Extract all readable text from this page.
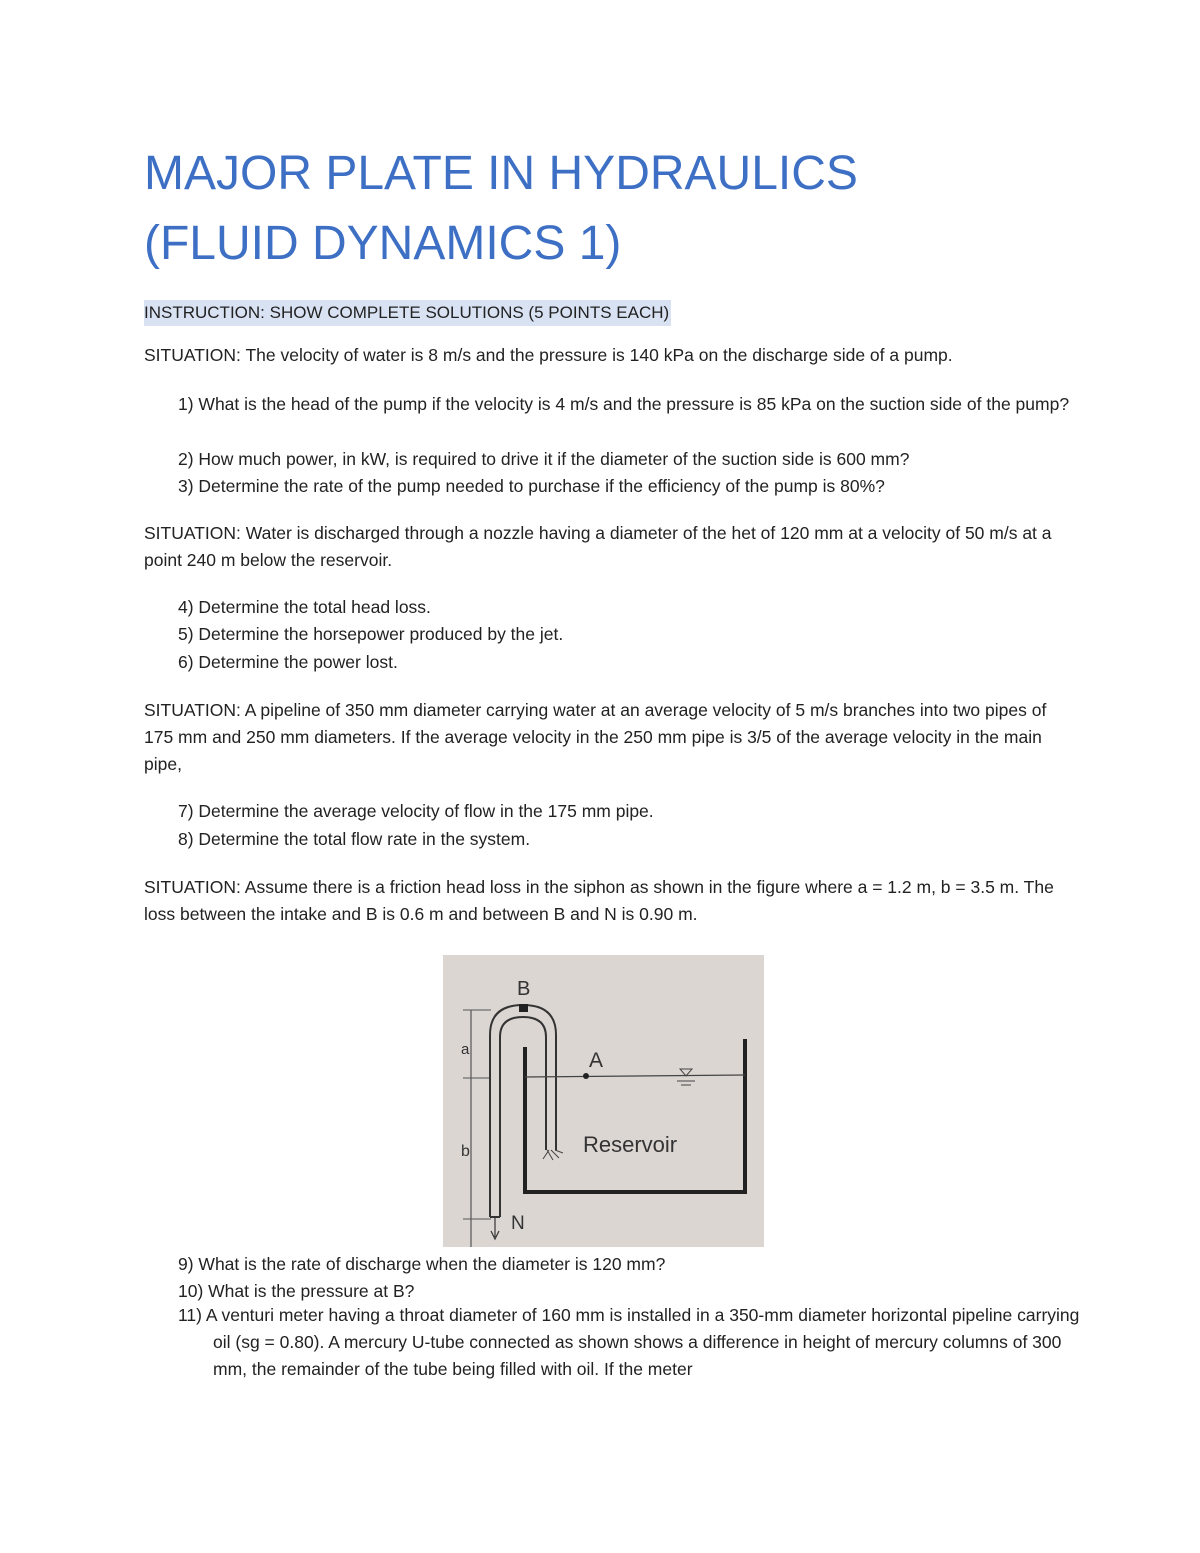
MAJOR PLATE IN HYDRAULICS
(FLUID DYNAMICS 1)
INSTRUCTION: SHOW COMPLETE SOLUTIONS (5 POINTS EACH)

SITUATION: The velocity of water is 8 m/s and the pressure is 140 kPa on the discharge side of a pump.

1) What is the head of the pump if the velocity is 4 m/s and the pressure is 85 kPa on the suction side of the pump?

2) How much power, in kW, is required to drive it if the diameter of the suction side is 600 mm?

3) Determine the rate of the pump needed to purchase if the efficiency of the pump is 80%?

SITUATION: Water is discharged through a nozzle having a diameter of the het of 120 mm at a velocity of 50 m/s at a point 240 m below the reservoir.

4) Determine the total head loss.

5) Determine the horsepower produced by the jet.

6) Determine the power lost.

SITUATION: A pipeline of 350 mm diameter carrying water at an average velocity of 5 m/s branches into two pipes of 175 mm and 250 mm diameters. If the average velocity in the 250 mm pipe is 3/5 of the average velocity in the main pipe,

7) Determine the average velocity of flow in the 175 mm pipe.

8) Determine the total flow rate in the system.

SITUATION: Assume there is a friction head loss in the siphon as shown in the figure where a = 1.2 m, b = 3.5 m. The loss between the intake and B is 0.6 m and between B and N is 0.90 m.

B
a	A
b	Reservoir
N

9) What is the rate of discharge when the diameter is 120 mm?

10) What is the pressure at B?

11) A venturi meter having a throat diameter of 160 mm is installed in a 350-mm diameter horizontal pipeline carrying oil (sg = 0.80). A mercury U-tube connected as shown shows a difference in height of mercury columns of 300 mm, the remainder of the tube being filled with oil. If the meter
